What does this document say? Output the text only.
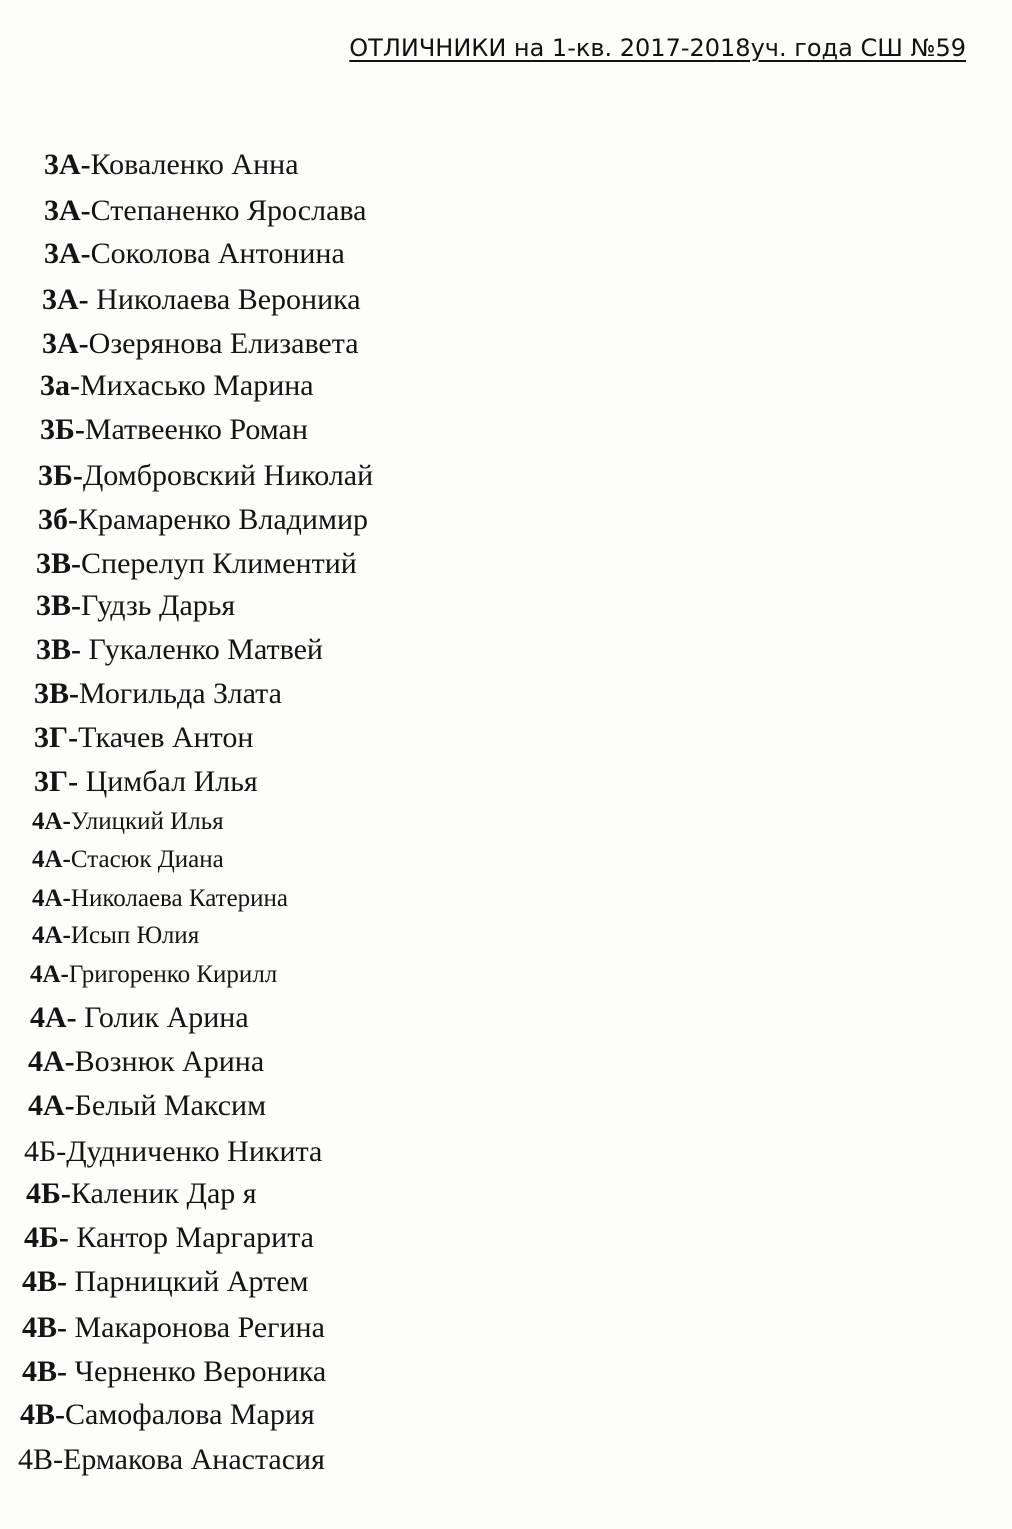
ОТЛИЧНИКИ на 1-кв. 2017-2018уч. года СШ №59
3А-Коваленко Анна
3А-Степаненко Ярослава
3А-Соколова Антонина
3А- Николаева Вероника
3А-Озерянова Елизавета
3а-Михасько Марина
3Б-Матвеенко Роман
3Б-Домбровский Николай
3б-Крамаренко Владимир
3В-Сперелуп Климентий
3В-Гудзь Дарья
3В- Гукаленко Матвей
3В-Могильда Злата
3Г-Ткачев Антон
3Г- Цимбал Илья
4А-Улицкий Илья
4А-Стасюк Диана
4А-Николаева Катерина
4А-Исып Юлия
4А-Григоренко Кирилл
4А- Голик Арина
4А-Вознюк Арина
4А-Белый Максим
4Б-Дудниченко Никита
4Б-Каленик Дар я
4Б- Кантор Маргарита
4В- Парницкий Артем
4В- Макаронова Регина
4В- Черненко Вероника
4В-Самофалова Мария
4В-Ермакова Анастасия
